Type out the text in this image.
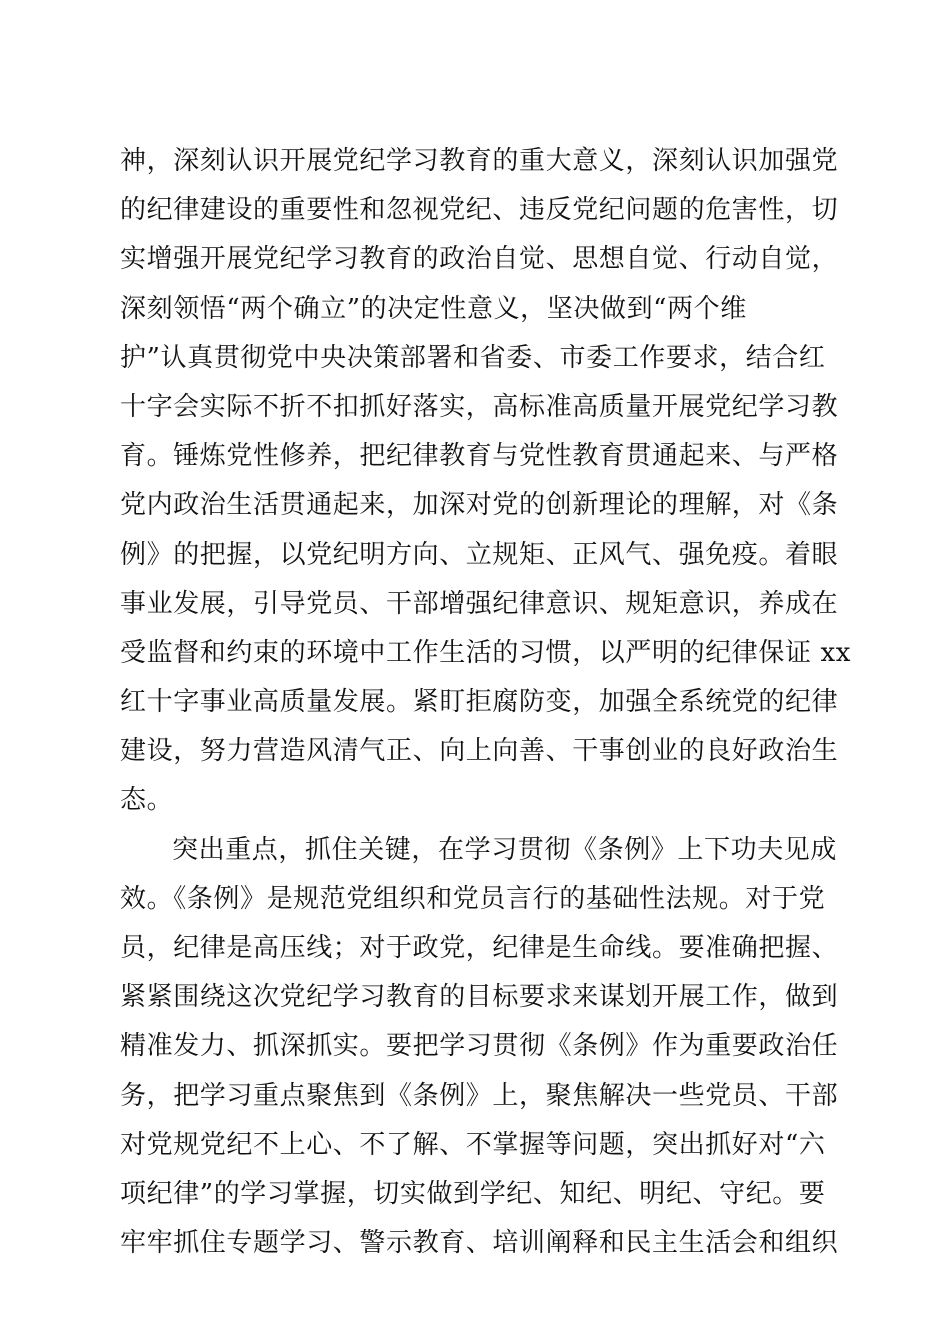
神，深刻认识开展党纪学习教育的重大意义，深刻认识加强党
的纪律建设的重要性和忽视党纪、违反党纪问题的危害性，切
实增强开展党纪学习教育的政治自觉、思想自觉、行动自觉，
深刻领悟“两个确立”的决定性意义，坚决做到“两个维
护”认真贯彻党中央决策部署和省委、市委工作要求，结合红
十字会实际不折不扣抓好落实，高标准高质量开展党纪学习教
育。锤炼党性修养，把纪律教育与党性教育贯通起来、与严格
党内政治生活贯通起来，加深对党的创新理论的理解，对《条
例》的把握，以党纪明方向、立规矩、正风气、强免疫。着眼
事业发展，引导党员、干部增强纪律意识、规矩意识，养成在
受监督和约束的环境中工作生活的习惯，以严明的纪律保证 xx
红十字事业高质量发展。紧盯拒腐防变，加强全系统党的纪律
建设，努力营造风清气正、向上向善、干事创业的良好政治生
态。
突出重点，抓住关键，在学习贯彻《条例》上下功夫见成
效。《条例》是规范党组织和党员言行的基础性法规。对于党
员，纪律是高压线；对于政党，纪律是生命线。要准确把握、
紧紧围绕这次党纪学习教育的目标要求来谋划开展工作，做到
精准发力、抓深抓实。要把学习贯彻《条例》作为重要政治任
务，把学习重点聚焦到《条例》上，聚焦解决一些党员、干部
对党规党纪不上心、不了解、不掌握等问题，突出抓好对“六
项纪律”的学习掌握，切实做到学纪、知纪、明纪、守纪。要
牢牢抓住专题学习、警示教育、培训阐释和民主生活会和组织
